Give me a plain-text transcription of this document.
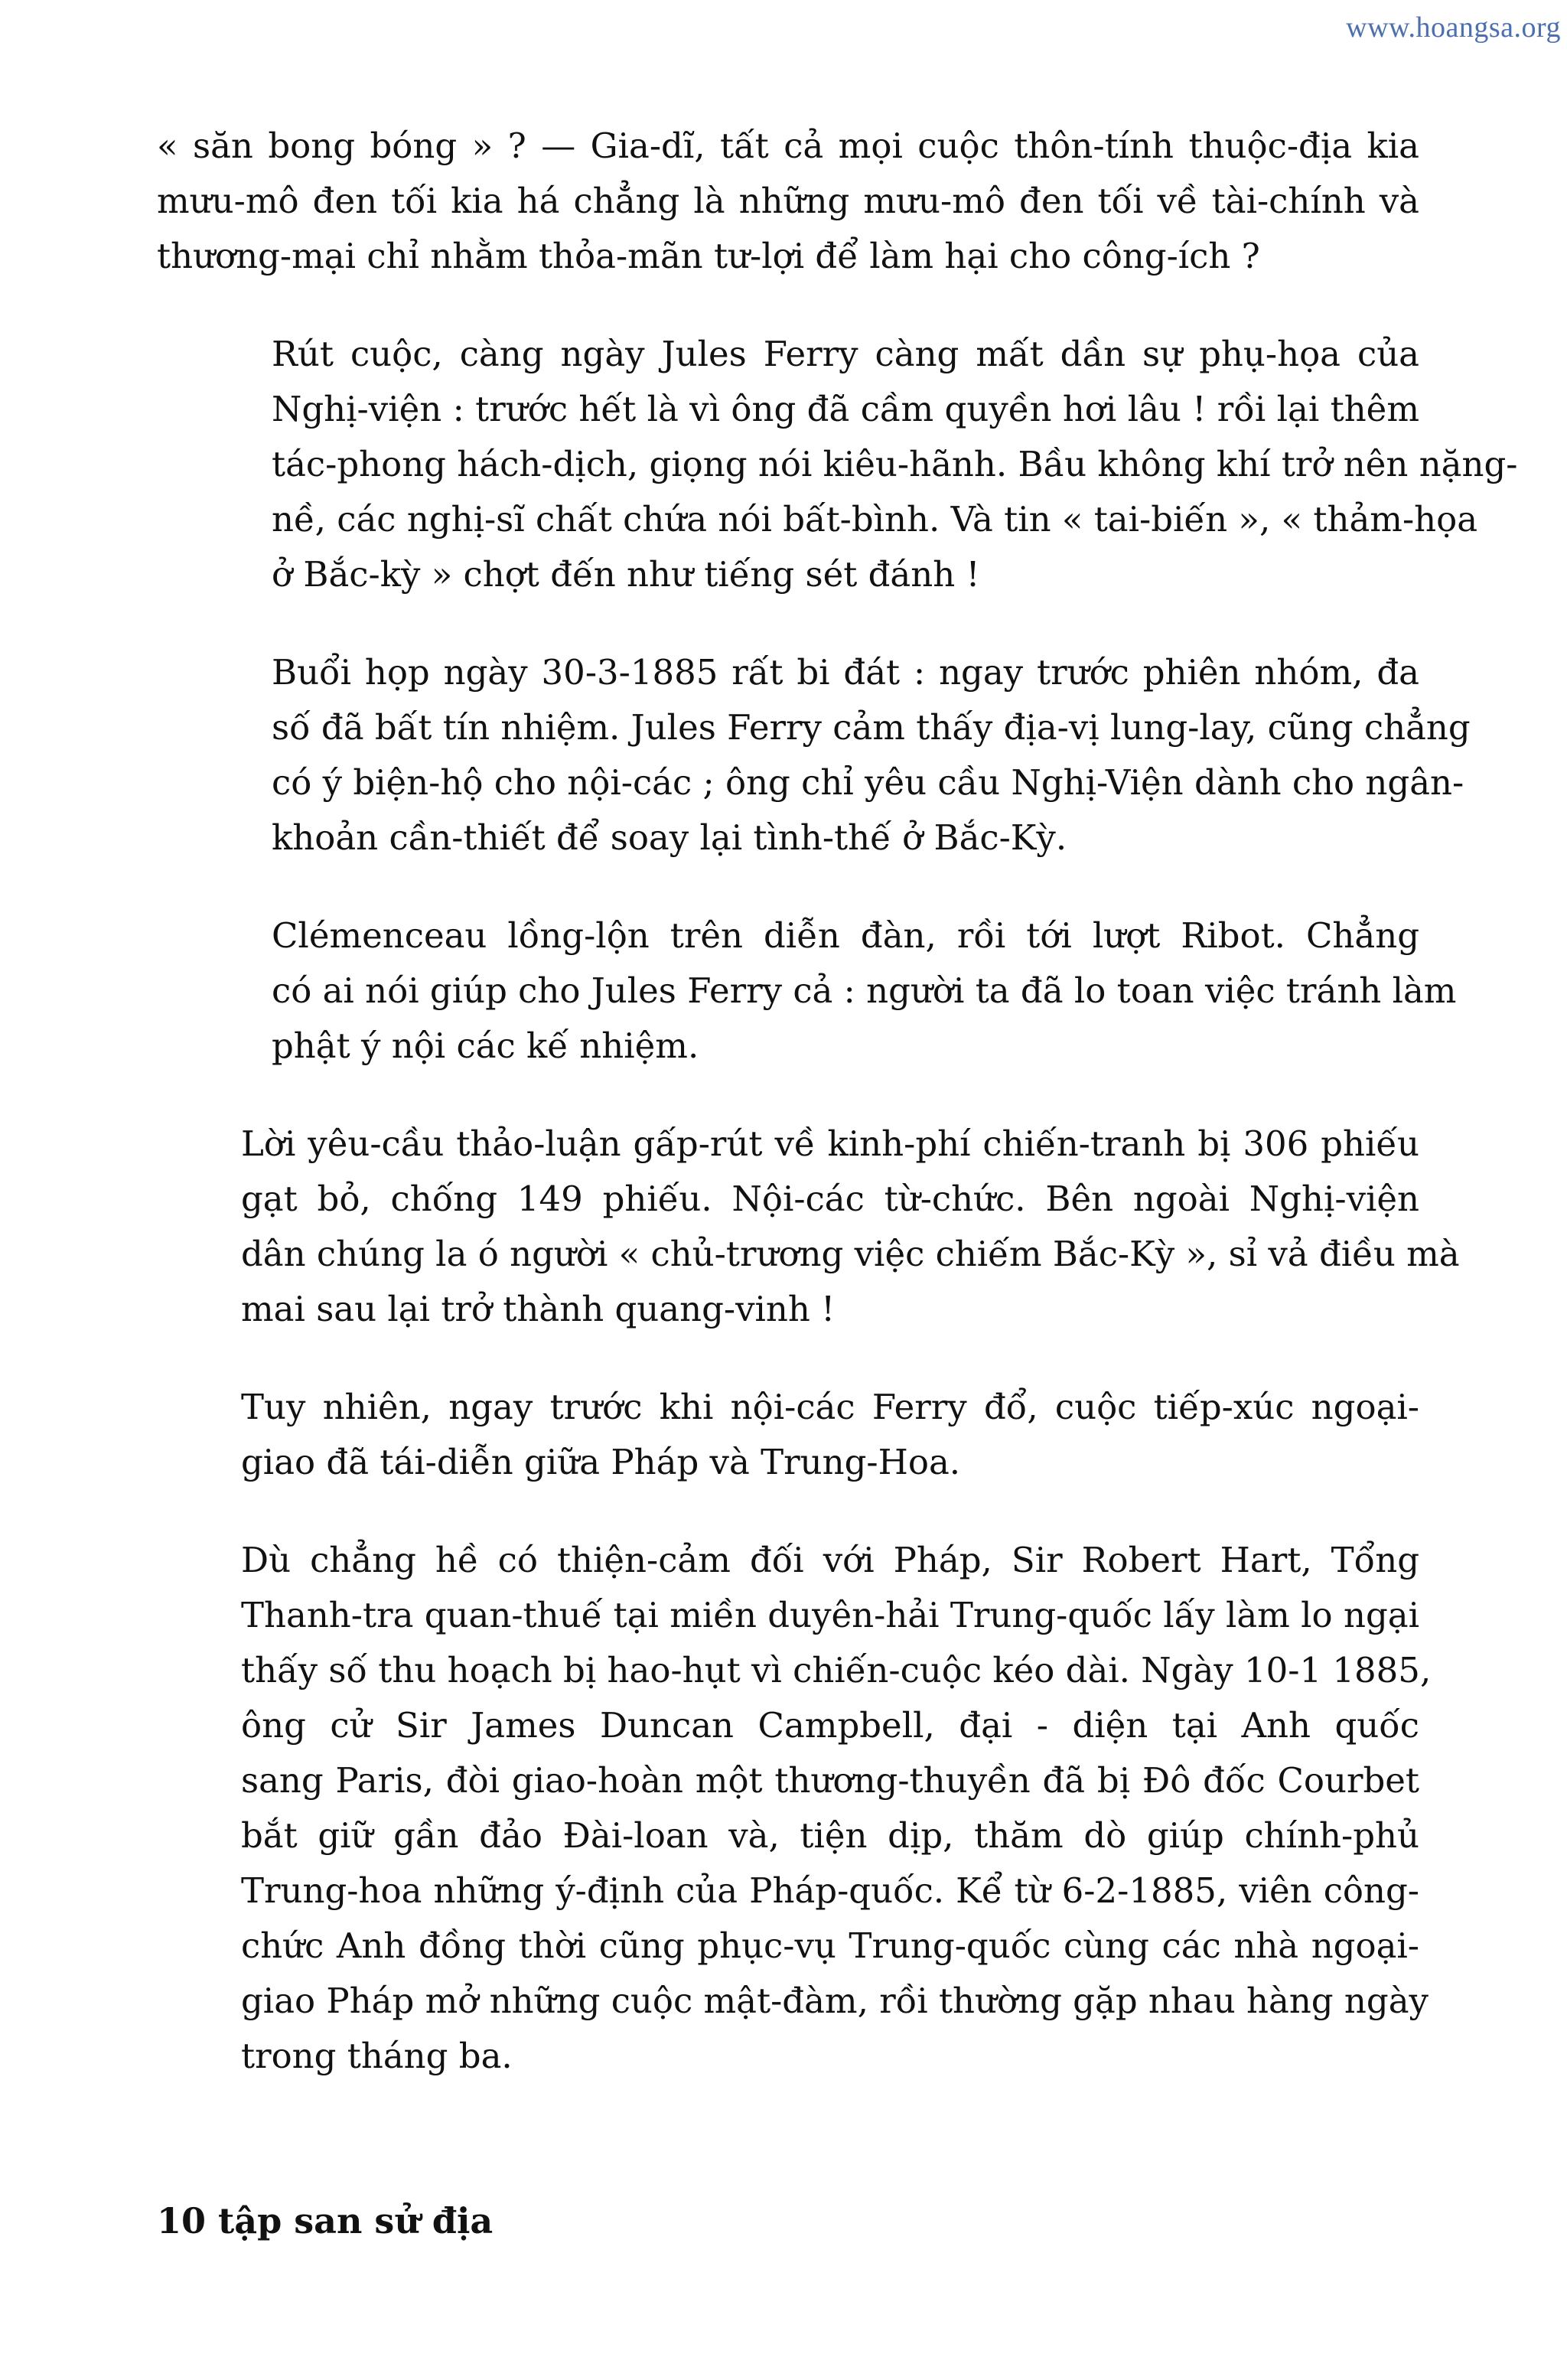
www.hoangsa.org

« săn bong bóng » ? — Gia-dĩ, tất cả mọi cuộc thôn-tính thuộc-địa kia
mưu-mô đen tối kia há chẳng là những mưu-mô đen tối về tài-chính và
thương-mại chỉ nhằm thỏa-mãn tư-lợi để làm hại cho công-ích ?

Rút cuộc, càng ngày Jules Ferry càng mất dần sự phụ-họa của
Nghị-viện : trước hết là vì ông đã cầm quyền hơi lâu ! rồi lại thêm
tác-phong hách-dịch, giọng nói kiêu-hãnh. Bầu không khí trở nên nặng-
nề, các nghị-sĩ chất chứa nói bất-bình. Và tin « tai-biến », « thảm-họa
ở Bắc-kỳ » chợt đến như tiếng sét đánh !

Buổi họp ngày 30-3-1885 rất bi đát : ngay trước phiên nhóm, đa
số đã bất tín nhiệm. Jules Ferry cảm thấy địa-vị lung-lay, cũng chẳng
có ý biện-hộ cho nội-các ; ông chỉ yêu cầu Nghị-Viện dành cho ngân-
khoản cần-thiết để soay lại tình-thế ở Bắc-Kỳ.

Clémenceau lồng-lộn trên diễn đàn, rồi tới lượt Ribot. Chẳng
có ai nói giúp cho Jules Ferry cả : người ta đã lo toan việc tránh làm
phật ý nội các kế nhiệm.

Lời yêu-cầu thảo-luận gấp-rút về kinh-phí chiến-tranh bị 306 phiếu
gạt bỏ, chống 149 phiếu. Nội-các từ-chức. Bên ngoài Nghị-viện
dân chúng la ó người « chủ-trương việc chiếm Bắc-Kỳ », sỉ vả điều mà
mai sau lại trở thành quang-vinh !

Tuy nhiên, ngay trước khi nội-các Ferry đổ, cuộc tiếp-xúc ngoại-
giao đã tái-diễn giữa Pháp và Trung-Hoa.

Dù chẳng hề có thiện-cảm đối với Pháp, Sir Robert Hart, Tổng
Thanh-tra quan-thuế tại miền duyên-hải Trung-quốc lấy làm lo ngại
thấy số thu hoạch bị hao-hụt vì chiến-cuộc kéo dài. Ngày 10-1 1885,
ông cử Sir James Duncan Campbell, đại - diện tại Anh quốc
sang Paris, đòi giao-hoàn một thương-thuyền đã bị Đô đốc Courbet
bắt giữ gần đảo Đài-loan và, tiện dịp, thăm dò giúp chính-phủ
Trung-hoa những ý-định của Pháp-quốc. Kể từ 6-2-1885, viên công-
chức Anh đồng thời cũng phục-vụ Trung-quốc cùng các nhà ngoại-
giao Pháp mở những cuộc mật-đàm, rồi thường gặp nhau hàng ngày
trong tháng ba.

10 tập san sử địa
